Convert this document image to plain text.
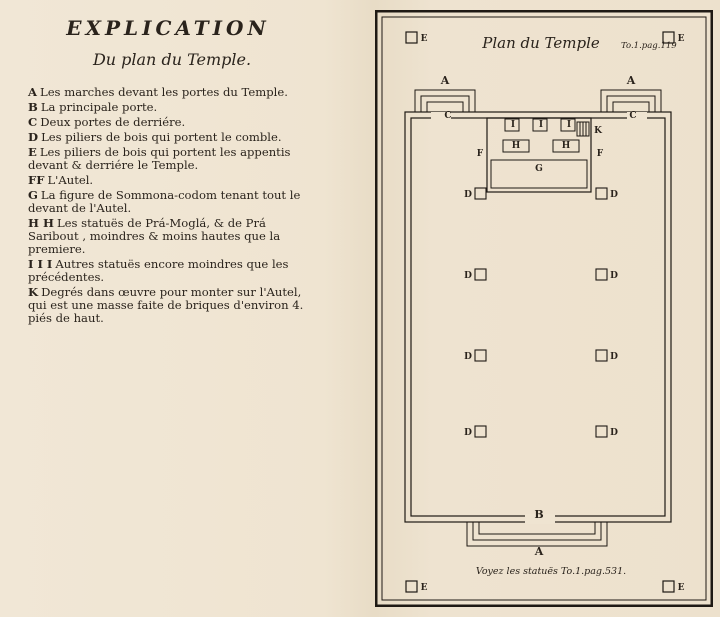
EXPLICATION
Du plan du Temple.
A Les marches devant les portes du Temple.
B La principale porte.
C Deux portes de derriére.
D Les piliers de bois qui portent le comble.
E Les piliers de bois qui portent les appentis devant & derriére le Temple.
FF L'Autel.
G La figure de Sommona-codom tenant tout le devant de l'Autel.
H H Les statuës de Prá-Moglá, & de Prá Saribout , moindres & moins hautes que la premiere.
I I I Autres statuës encore moindres que les précédentes.
K Degrés dans œuvre pour monter sur l'Autel, qui est une masse faite de briques d'environ 4. piés de haut.
Plan du Temple	To.1.pag.119
Voyez les statuës To.1.pag.531.
A	A
C	C
K
I	I	I
H	H
F	F
G
B
A
E	E
E	E
D	D
D	D
D	D
D	D
